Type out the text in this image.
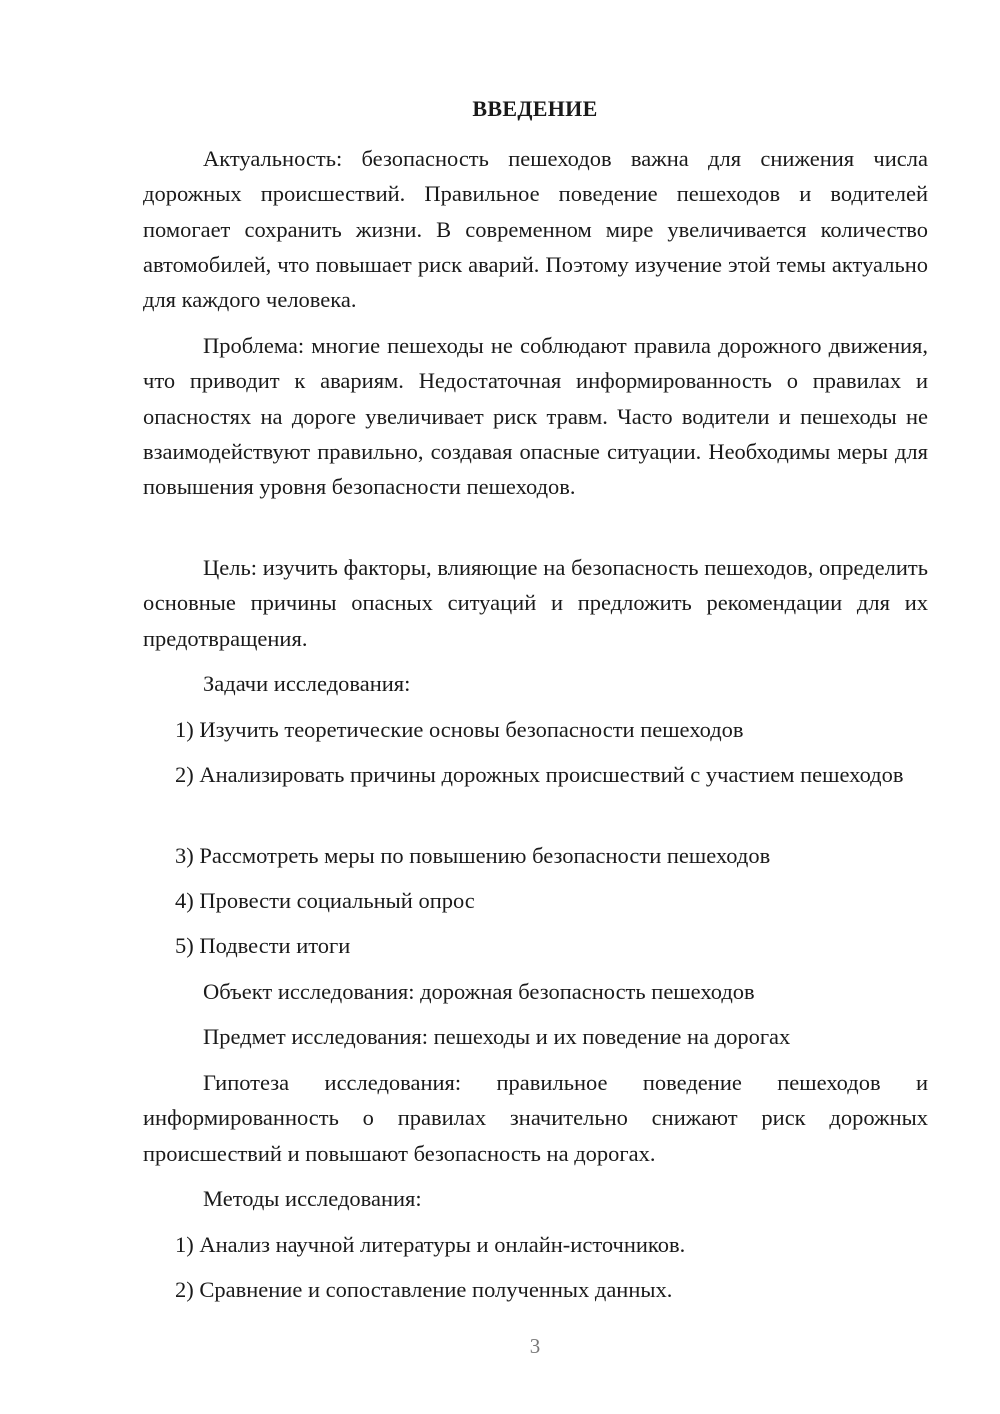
ВВЕДЕНИЕ

Актуальность: безопасность пешеходов важна для снижения числа дорожных происшествий. Правильное поведение пешеходов и водителей помогает сохранить жизни. В современном мире увеличивается количество автомобилей, что повышает риск аварий. Поэтому изучение этой темы актуально для каждого человека.

Проблема: многие пешеходы не соблюдают правила дорожного движения, что приводит к авариям. Недостаточная информированность о правилах и опасностях на дороге увеличивает риск травм. Часто водители и пешеходы не взаимодействуют правильно, создавая опасные ситуации. Необходимы меры для повышения уровня безопасности пешеходов.

Цель: изучить факторы, влияющие на безопасность пешеходов, определить основные причины опасных ситуаций и предложить рекомендации для их предотвращения.

Задачи исследования:

1) Изучить теоретические основы безопасности пешеходов

2) Анализировать причины дорожных происшествий с участием пешеходов

3) Рассмотреть меры по повышению безопасности пешеходов

4) Провести социальный опрос

5) Подвести итоги

Объект исследования: дорожная безопасность пешеходов

Предмет исследования: пешеходы и их поведение на дорогах

Гипотеза исследования: правильное поведение пешеходов и информированность о правилах значительно снижают риск дорожных происшествий и повышают безопасность на дорогах.

Методы исследования:

1) Анализ научной литературы и онлайн-источников.

2) Сравнение и сопоставление полученных данных.

3
